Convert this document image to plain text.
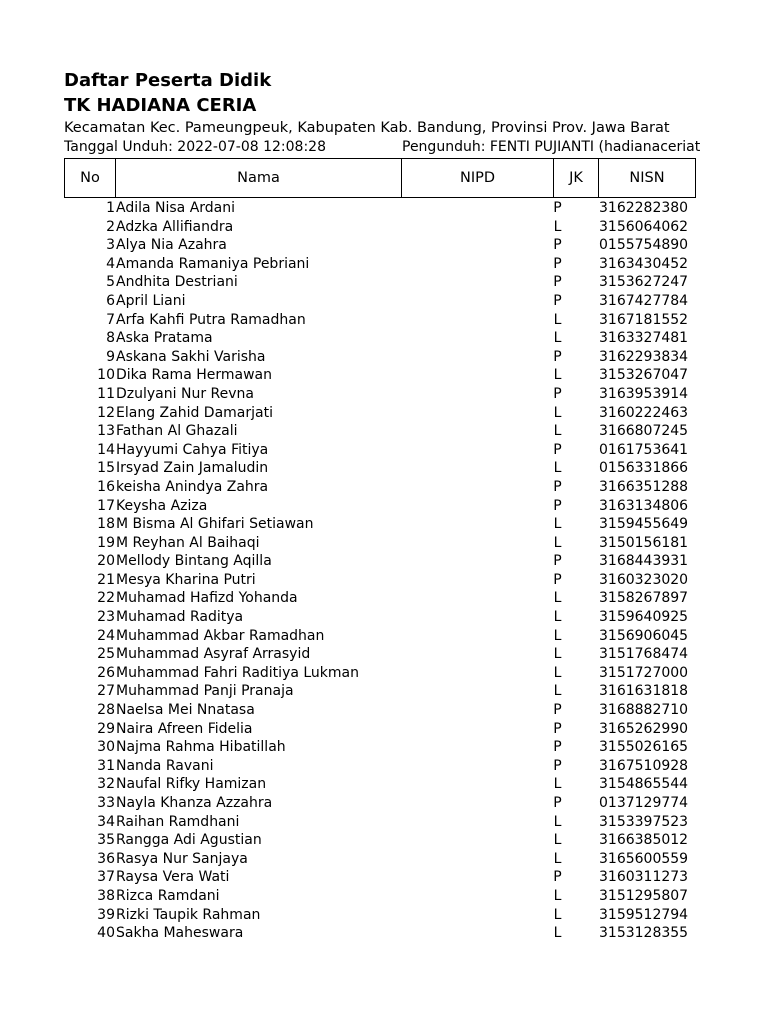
Daftar Peserta Didik
TK HADIANA CERIA
Kecamatan Kec. Pameungpeuk, Kabupaten Kab. Bandung, Provinsi Prov. Jawa Barat
Tanggal Unduh: 2022-07-08 12:08:28	Pengunduh: FENTI PUJIANTI (hadianaceriat
No	Nama	NIPD	JK	NISN
1 Adila Nisa Ardani	P	3162282380
2 Adzka Allifiandra	L	3156064062
3 Alya Nia Azahra	P	0155754890
4 Amanda Ramaniya Pebriani	P	3163430452
5 Andhita Destriani	P	3153627247
6 April Liani	P	3167427784
7 Arfa Kahfi Putra Ramadhan	L	3167181552
8 Aska Pratama	L	3163327481
9 Askana Sakhi Varisha	P	3162293834
10 Dika Rama Hermawan	L	3153267047
11 Dzulyani Nur Revna	P	3163953914
12 Elang Zahid Damarjati	L	3160222463
13 Fathan Al Ghazali	L	3166807245
14 Hayyumi Cahya Fitiya	P	0161753641
15 Irsyad Zain Jamaludin	L	0156331866
16 keisha Anindya Zahra	P	3166351288
17 Keysha Aziza	P	3163134806
18 M Bisma Al Ghifari Setiawan	L	3159455649
19 M Reyhan Al Baihaqi	L	3150156181
20 Mellody Bintang Aqilla	P	3168443931
21 Mesya Kharina Putri	P	3160323020
22 Muhamad Hafizd Yohanda	L	3158267897
23 Muhamad Raditya	L	3159640925
24 Muhammad Akbar Ramadhan	L	3156906045
25 Muhammad Asyraf Arrasyid	L	3151768474
26 Muhammad Fahri Raditiya Lukman	L	3151727000
27 Muhammad Panji Pranaja	L	3161631818
28 Naelsa Mei Nnatasa	P	3168882710
29 Naira Afreen Fidelia	P	3165262990
30 Najma Rahma Hibatillah	P	3155026165
31 Nanda Ravani	P	3167510928
32 Naufal Rifky Hamizan	L	3154865544
33 Nayla Khanza Azzahra	P	0137129774
34 Raihan Ramdhani	L	3153397523
35 Rangga Adi Agustian	L	3166385012
36 Rasya Nur Sanjaya	L	3165600559
37 Raysa Vera Wati	P	3160311273
38 Rizca Ramdani	L	3151295807
39 Rizki Taupik Rahman	L	3159512794
40 Sakha Maheswara	L	3153128355
